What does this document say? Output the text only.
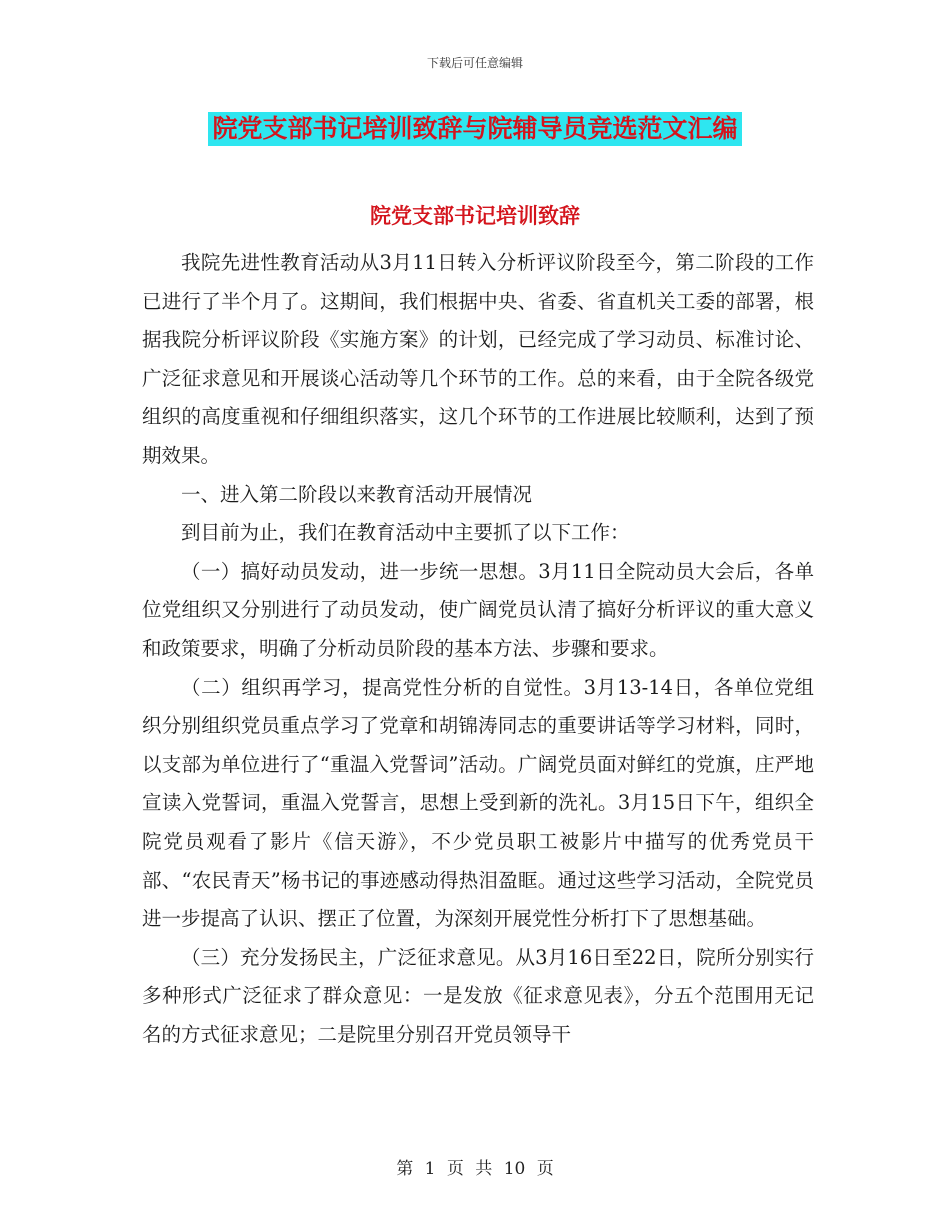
下载后可任意编辑
院党支部书记培训致辞与院辅导员竞选范文汇编
院党支部书记培训致辞

我院先进性教育活动从3月11日转入分析评议阶段至今，第二阶段的工作已进行了半个月了。这期间，我们根据中央、省委、省直机关工委的部署，根据我院分析评议阶段《实施方案》的计划，已经完成了学习动员、标准讨论、广泛征求意见和开展谈心活动等几个环节的工作。总的来看，由于全院各级党组织的高度重视和仔细组织落实，这几个环节的工作进展比较顺利，达到了预期效果。

一、进入第二阶段以来教育活动开展情况

到目前为止，我们在教育活动中主要抓了以下工作：

（一）搞好动员发动，进一步统一思想。3月11日全院动员大会后，各单位党组织又分别进行了动员发动，使广阔党员认清了搞好分析评议的重大意义和政策要求，明确了分析动员阶段的基本方法、步骤和要求。

（二）组织再学习，提高党性分析的自觉性。3月13-14日，各单位党组织分别组织党员重点学习了党章和胡锦涛同志的重要讲话等学习材料，同时，以支部为单位进行了“重温入党誓词”活动。广阔党员面对鲜红的党旗，庄严地宣读入党誓词，重温入党誓言，思想上受到新的洗礼。3月15日下午，组织全院党员观看了影片《信天游》，不少党员职工被影片中描写的优秀党员干部、“农民青天”杨书记的事迹感动得热泪盈眶。通过这些学习活动，全院党员进一步提高了认识、摆正了位置，为深刻开展党性分析打下了思想基础。

（三）充分发扬民主，广泛征求意见。从3月16日至22日，院所分别实行多种形式广泛征求了群众意见：一是发放《征求意见表》，分五个范围用无记名的方式征求意见；二是院里分别召开党员领导干

第 1 页 共 10 页
